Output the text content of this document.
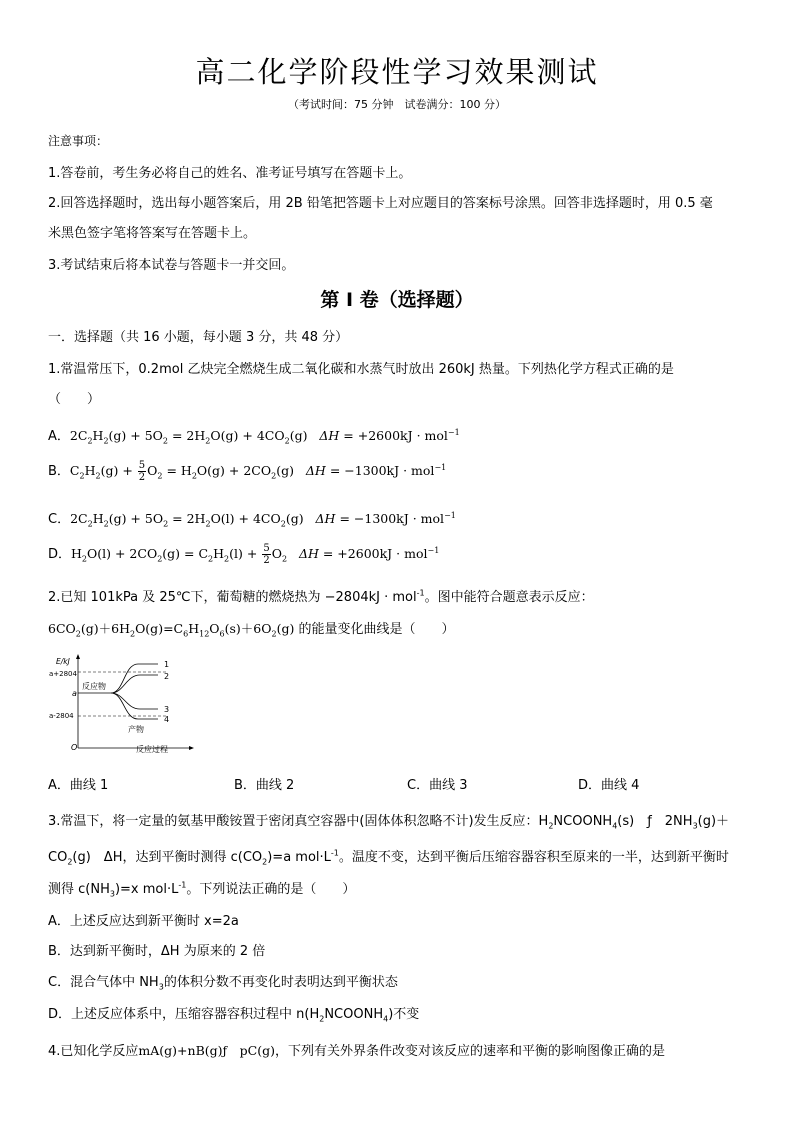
高二化学阶段性学习效果测试
（考试时间：75 分钟　试卷满分：100 分）
注意事项：
1.答卷前，考生务必将自己的姓名、准考证号填写在答题卡上。
2.回答选择题时，选出每小题答案后，用 2B 铅笔把答题卡上对应题目的答案标号涂黑。回答非选择题时，用 0.5 毫
米黑色签字笔将答案写在答题卡上。
3.考试结束后将本试卷与答题卡一并交回。
第 I 卷（选择题）
一．选择题（共 16 小题，每小题 3 分，共 48 分）
1.常温常压下，0.2mol 乙炔完全燃烧生成二氧化碳和水蒸气时放出 260kJ 热量。下列热化学方程式正确的是
（　　）
A．$2C_2H_2(g) + 5O_2 = 2H_2O(g) + 4CO_2(g) \Delta H = +2600kJ \cdot mol^{-1}$
B．$C_2H_2(g) + \frac{5}{2} O_2 = H_2O(g) + 2CO_2(g) \Delta H = -1300kJ \cdot mol^{-1}$
C．$2C_2H_2(g) + 5O_2 = 2H_2O(l) + 4CO_2(g) \Delta H = -1300kJ \cdot mol^{-1}$
D．$H_2O(l) + 2CO_2(g) = C_2H_2(l) + \frac{5}{2} O_2$ ΔH = +2600kJ · mol$^{-1}$
2.已知 101kPa 及 25℃下，葡萄糖的燃烧热为 −2804kJ · mol$^{-1}$。图中能符合题意表示反应：
$6CO_2(g)+6H_2O(g)=C_6H_{12}O_6(s)+6O_2(g)$ 的能量变化曲线是（　　）
E/kJ
a+2804
a
a-2804
O	反应过程
反应物
产物
1
2
3
4
A．曲线 1	B．曲线 2	C．曲线 3	D．曲线 4
3.常温下，将一定量的氨基甲酸铵置于密闭真空容器中(固体体积忽略不计)发生反应：$H_2NCOONH_4(s)$　ƒ　$2NH_3(g)+$
$CO_2(g)$　ΔH，达到平衡时测得 $c(CO_2)=a$ $mol\cdot L^{-1}$。温度不变，达到平衡后压缩容器容积至原来的一半，达到新平衡时
测得 $c(NH_3)=x$ $mol\cdot L^{-1}$。下列说法正确的是（　　）
A．上述反应达到新平衡时 x=2a
B．达到新平衡时，ΔH 为原来的 2 倍
C．混合气体中 $NH_3$的体积分数不再变化时表明达到平衡状态
D．上述反应体系中，压缩容器容积过程中 $n(H_2NCOONH_4)$不变
4.已知化学反应mA(g)+nB(g)ƒ　pC(g)，下列有关外界条件改变对该反应的速率和平衡的影响图像正确的是
